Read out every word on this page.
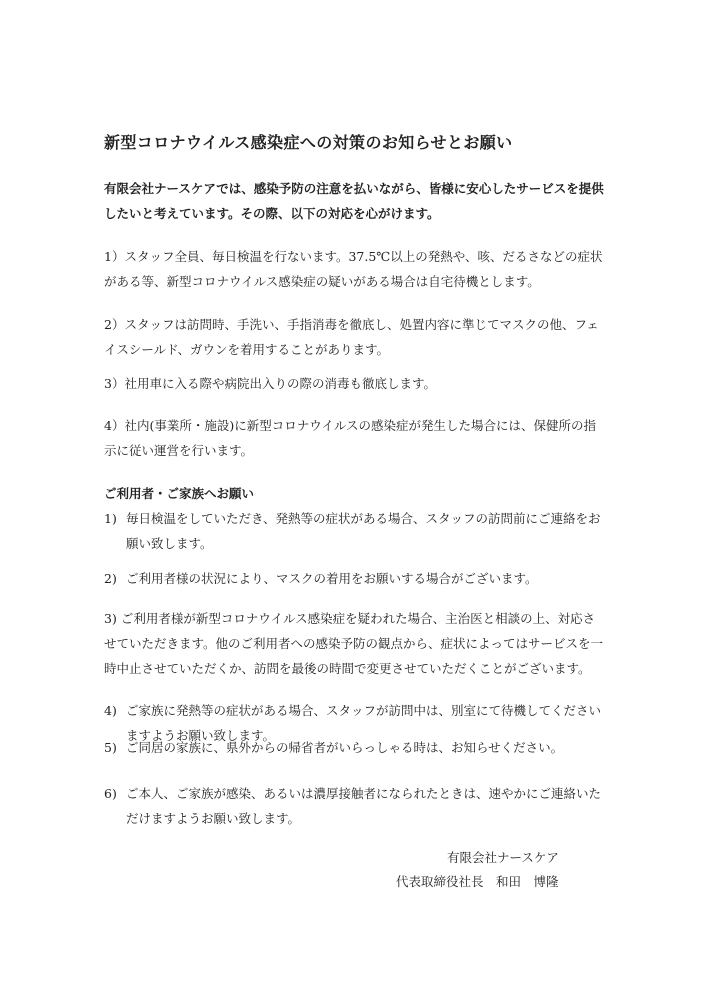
新型コロナウイルス感染症への対策のお知らせとお願い
有限会社ナースケアでは、感染予防の注意を払いながら、皆様に安心したサービスを提供したいと考えています。その際、以下の対応を心がけます。
1）スタッフ全員、毎日検温を行ないます。37.5℃以上の発熱や、咳、だるさなどの症状がある等、新型コロナウイルス感染症の疑いがある場合は自宅待機とします。
2）スタッフは訪問時、手洗い、手指消毒を徹底し、処置内容に準じてマスクの他、フェイスシールド、ガウンを着用することがあります。
3）社用車に入る際や病院出入りの際の消毒も徹底します。
4）社内(事業所・施設)に新型コロナウイルスの感染症が発生した場合には、保健所の指示に従い運営を行います。
ご利用者・ご家族へお願い
1) 毎日検温をしていただき、発熱等の症状がある場合、スタッフの訪問前にご連絡をお願い致します。
2) ご利用者様の状況により、マスクの着用をお願いする場合がございます。
3) ご利用者様が新型コロナウイルス感染症を疑われた場合、主治医と相談の上、対応させていただきます。他のご利用者への感染予防の観点から、症状によってはサービスを一時中止させていただくか、訪問を最後の時間で変更させていただくことがございます。
4) ご家族に発熱等の症状がある場合、スタッフが訪問中は、別室にて待機してくださいますようお願い致します。
5) ご同居の家族に、県外からの帰省者がいらっしゃる時は、お知らせください。
6) ご本人、ご家族が感染、あるいは濃厚接触者になられたときは、速やかにご連絡いただけますようお願い致します。
有限会社ナースケア
代表取締役社長　和田　博隆
